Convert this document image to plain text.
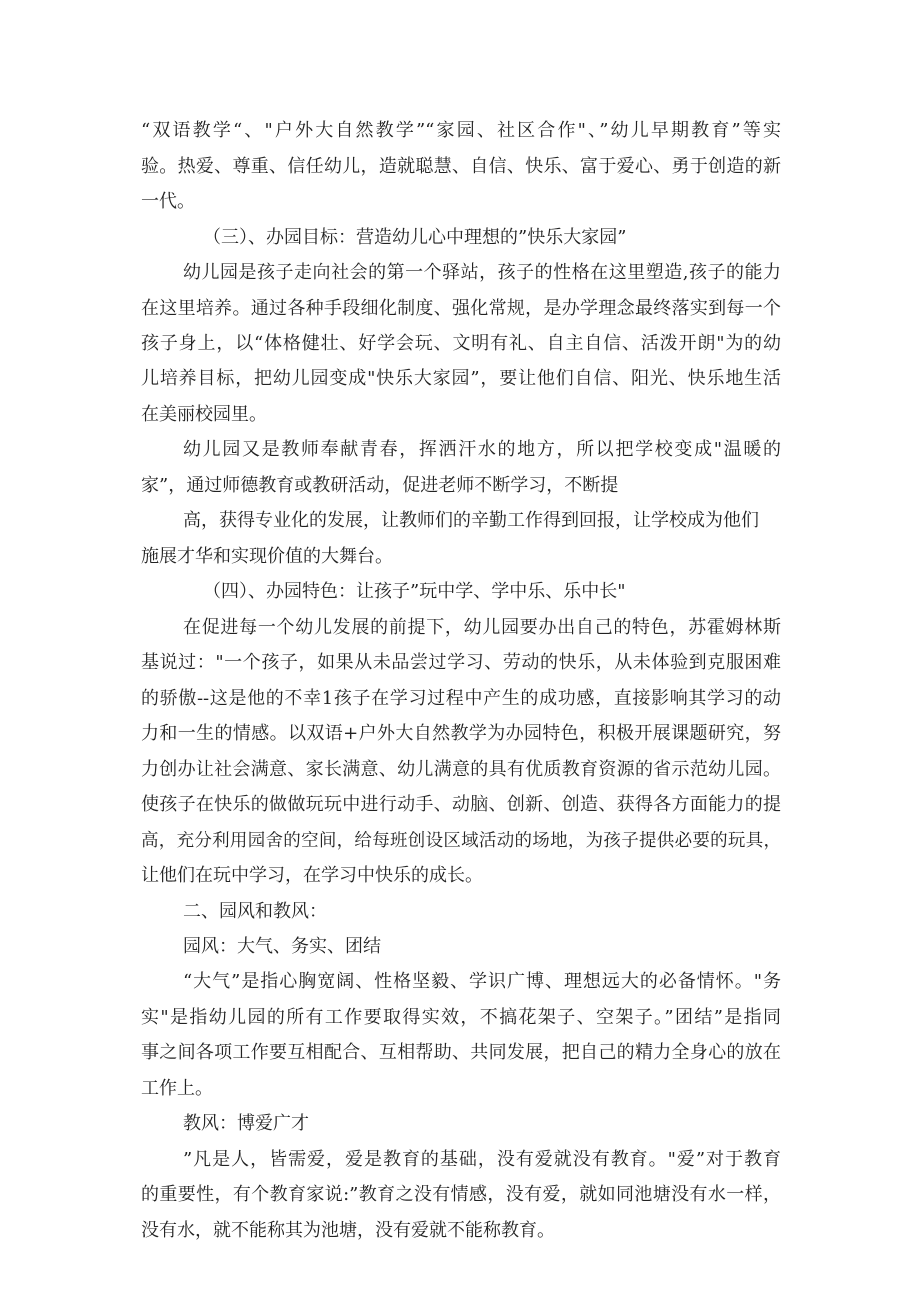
“双语教学“、"户外大自然教学”“家园、社区合作"、”幼儿早期教育”等实
验。热爱、尊重、信任幼儿，造就聪慧、自信、快乐、富于爱心、勇于创造的新
一代。
（三）、办园目标：营造幼儿心中理想的”快乐大家园”
幼儿园是孩子走向社会的第一个驿站，孩子的性格在这里塑造,孩子的能力
在这里培养。通过各种手段细化制度、强化常规，是办学理念最终落实到每一个
孩子身上，以“体格健壮、好学会玩、文明有礼、自主自信、活泼开朗"为的幼
儿培养目标，把幼儿园变成"快乐大家园”，要让他们自信、阳光、快乐地生活
在美丽校园里。
幼儿园又是教师奉献青春，挥洒汗水的地方，所以把学校变成"温暖的
家”，通过师德教育或教研活动，促进老师不断学习，不断提
高，获得专业化的发展，让教师们的辛勤工作得到回报，让学校成为他们
施展才华和实现价值的大舞台。
（四）、办园特色：让孩子”玩中学、学中乐、乐中长"
在促进每一个幼儿发展的前提下，幼儿园要办出自己的特色，苏霍姆林斯
基说过："一个孩子，如果从未品尝过学习、劳动的快乐，从未体验到克服困难
的骄傲--这是他的不幸1孩子在学习过程中产生的成功感，直接影响其学习的动
力和一生的情感。以双语+户外大自然教学为办园特色，积极开展课题研究，努
力创办让社会满意、家长满意、幼儿满意的具有优质教育资源的省示范幼儿园。
使孩子在快乐的做做玩玩中进行动手、动脑、创新、创造、获得各方面能力的提
高，充分利用园舍的空间，给每班创设区域活动的场地，为孩子提供必要的玩具，
让他们在玩中学习，在学习中快乐的成长。
二、园风和教风：
园风：大气、务实、团结
“大气”是指心胸宽阔、性格坚毅、学识广博、理想远大的必备情怀。"务
实"是指幼儿园的所有工作要取得实效，不搞花架子、空架子。”团结”是指同
事之间各项工作要互相配合、互相帮助、共同发展，把自己的精力全身心的放在
工作上。
教风：博爱广才
”凡是人，皆需爱，爱是教育的基础，没有爱就没有教育。"爱”对于教育
的重要性，有个教育家说:”教育之没有情感，没有爱，就如同池塘没有水一样，
没有水，就不能称其为池塘，没有爱就不能称教育。
